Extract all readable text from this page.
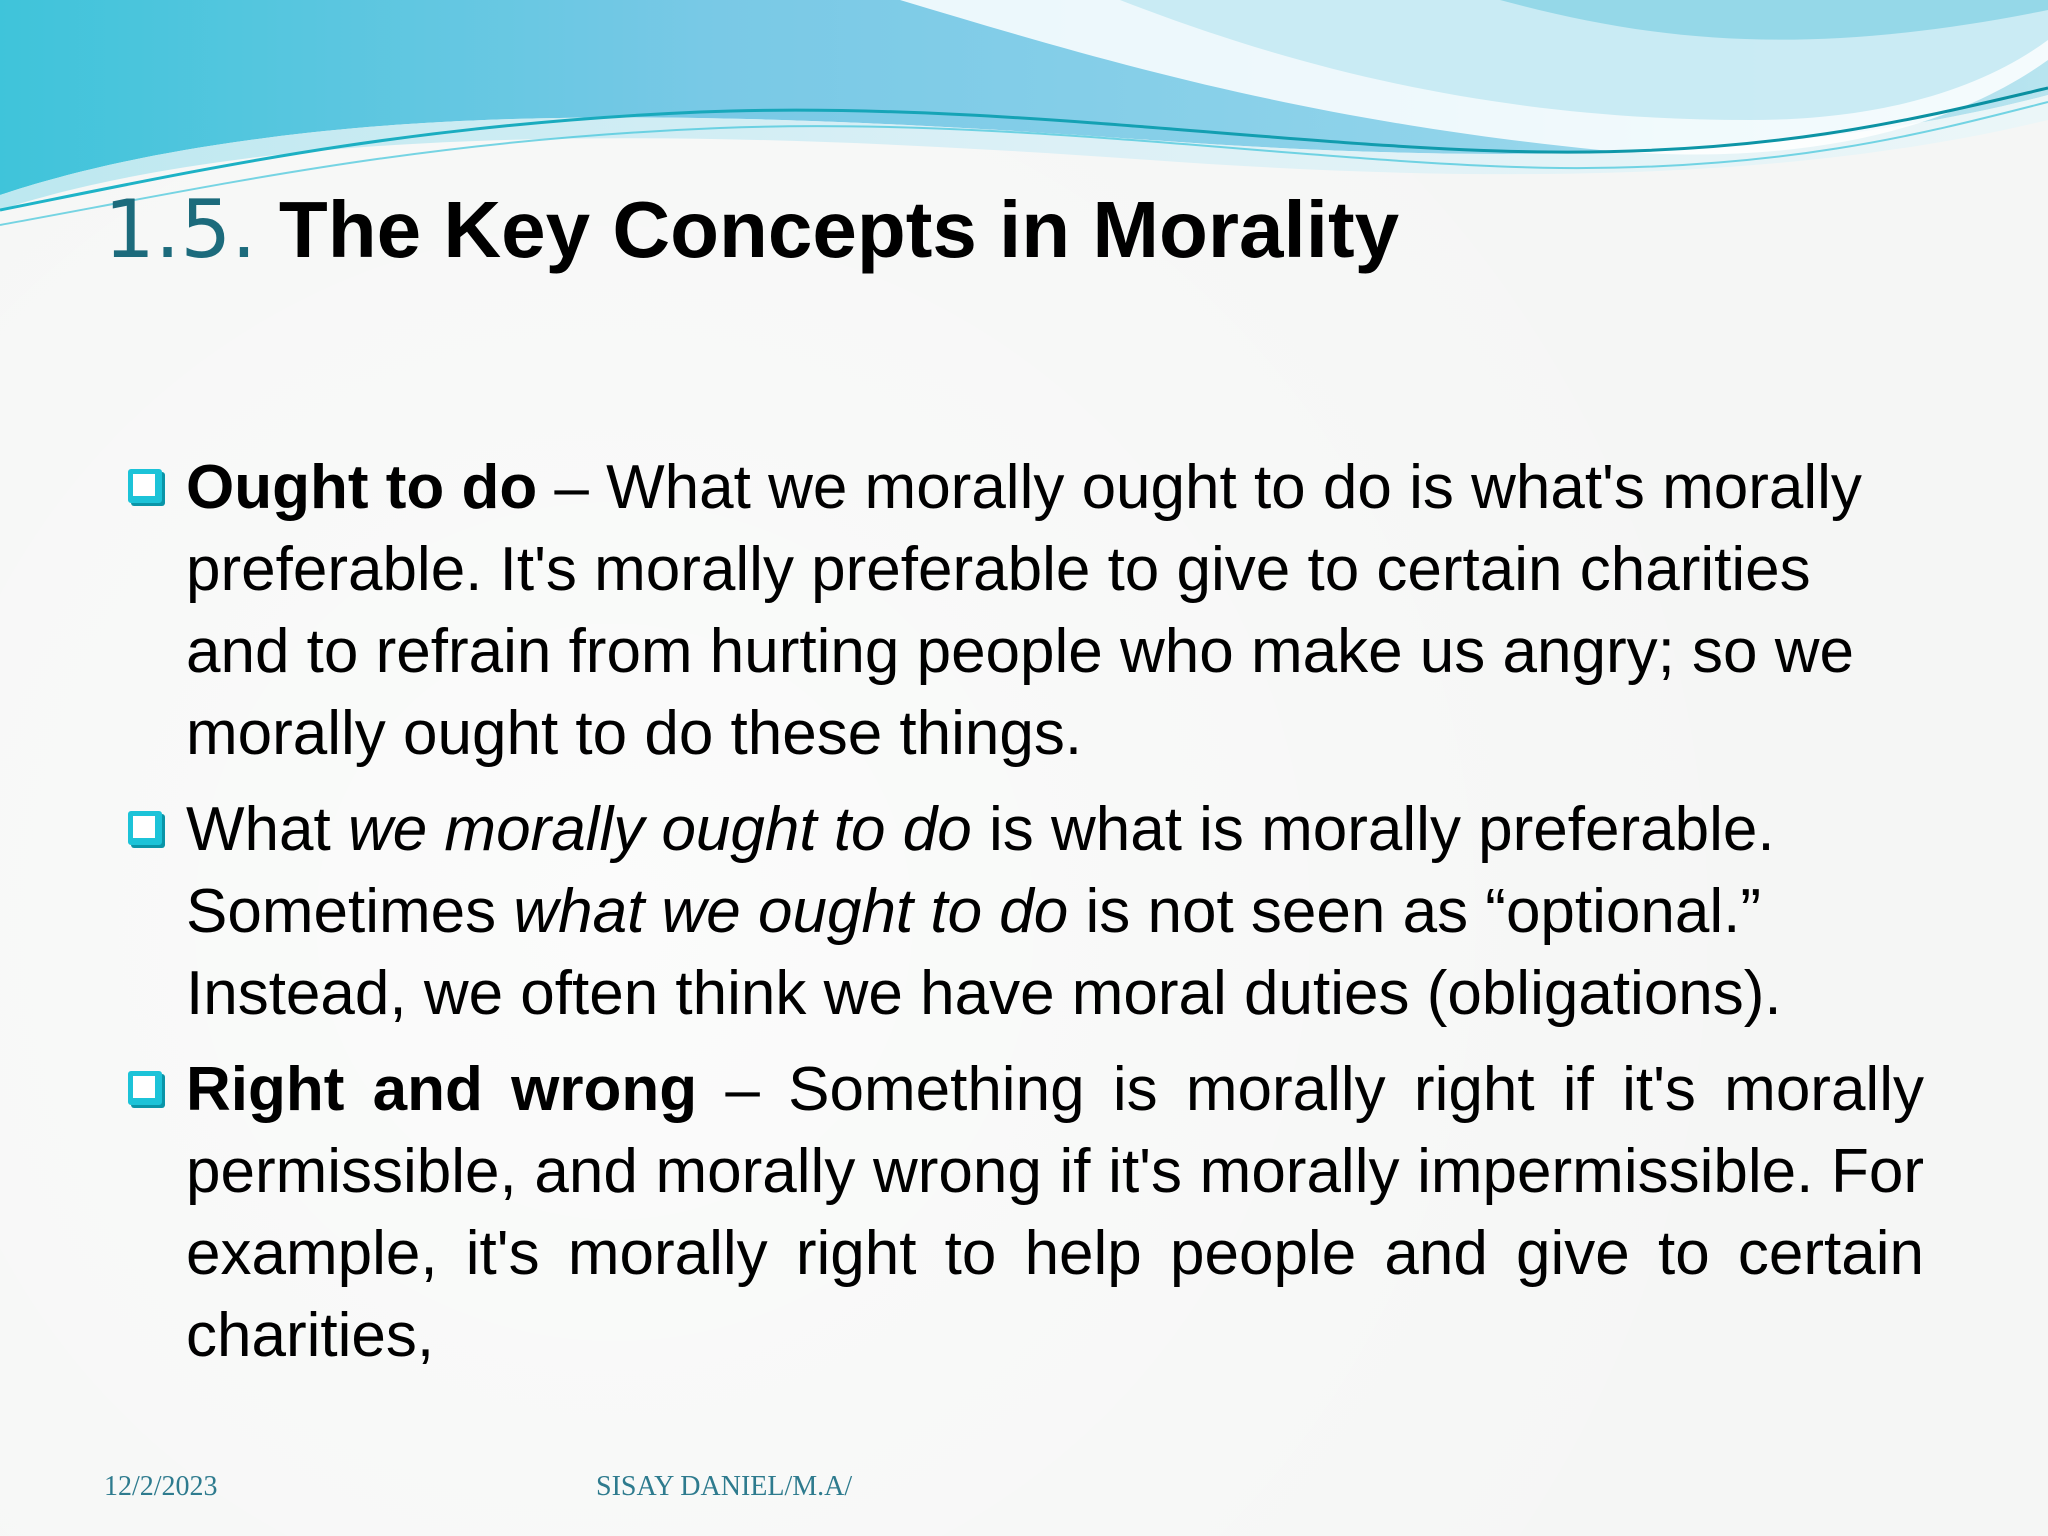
1.5. The Key Concepts in Morality

Ought to do – What we morally ought to do is what's morally preferable. It's morally preferable to give to certain charities and to refrain from hurting people who make us angry; so we morally ought to do these things.

What we morally ought to do is what is morally preferable. Sometimes what we ought to do is not seen as “optional.” Instead, we often think we have moral duties (obligations).

Right and wrong – Something is morally right if it's morally permissible, and morally wrong if it's morally impermissible. For example, it's morally right to help people and give to certain charities,

12/2/2023	SISAY DANIEL/M.A/
